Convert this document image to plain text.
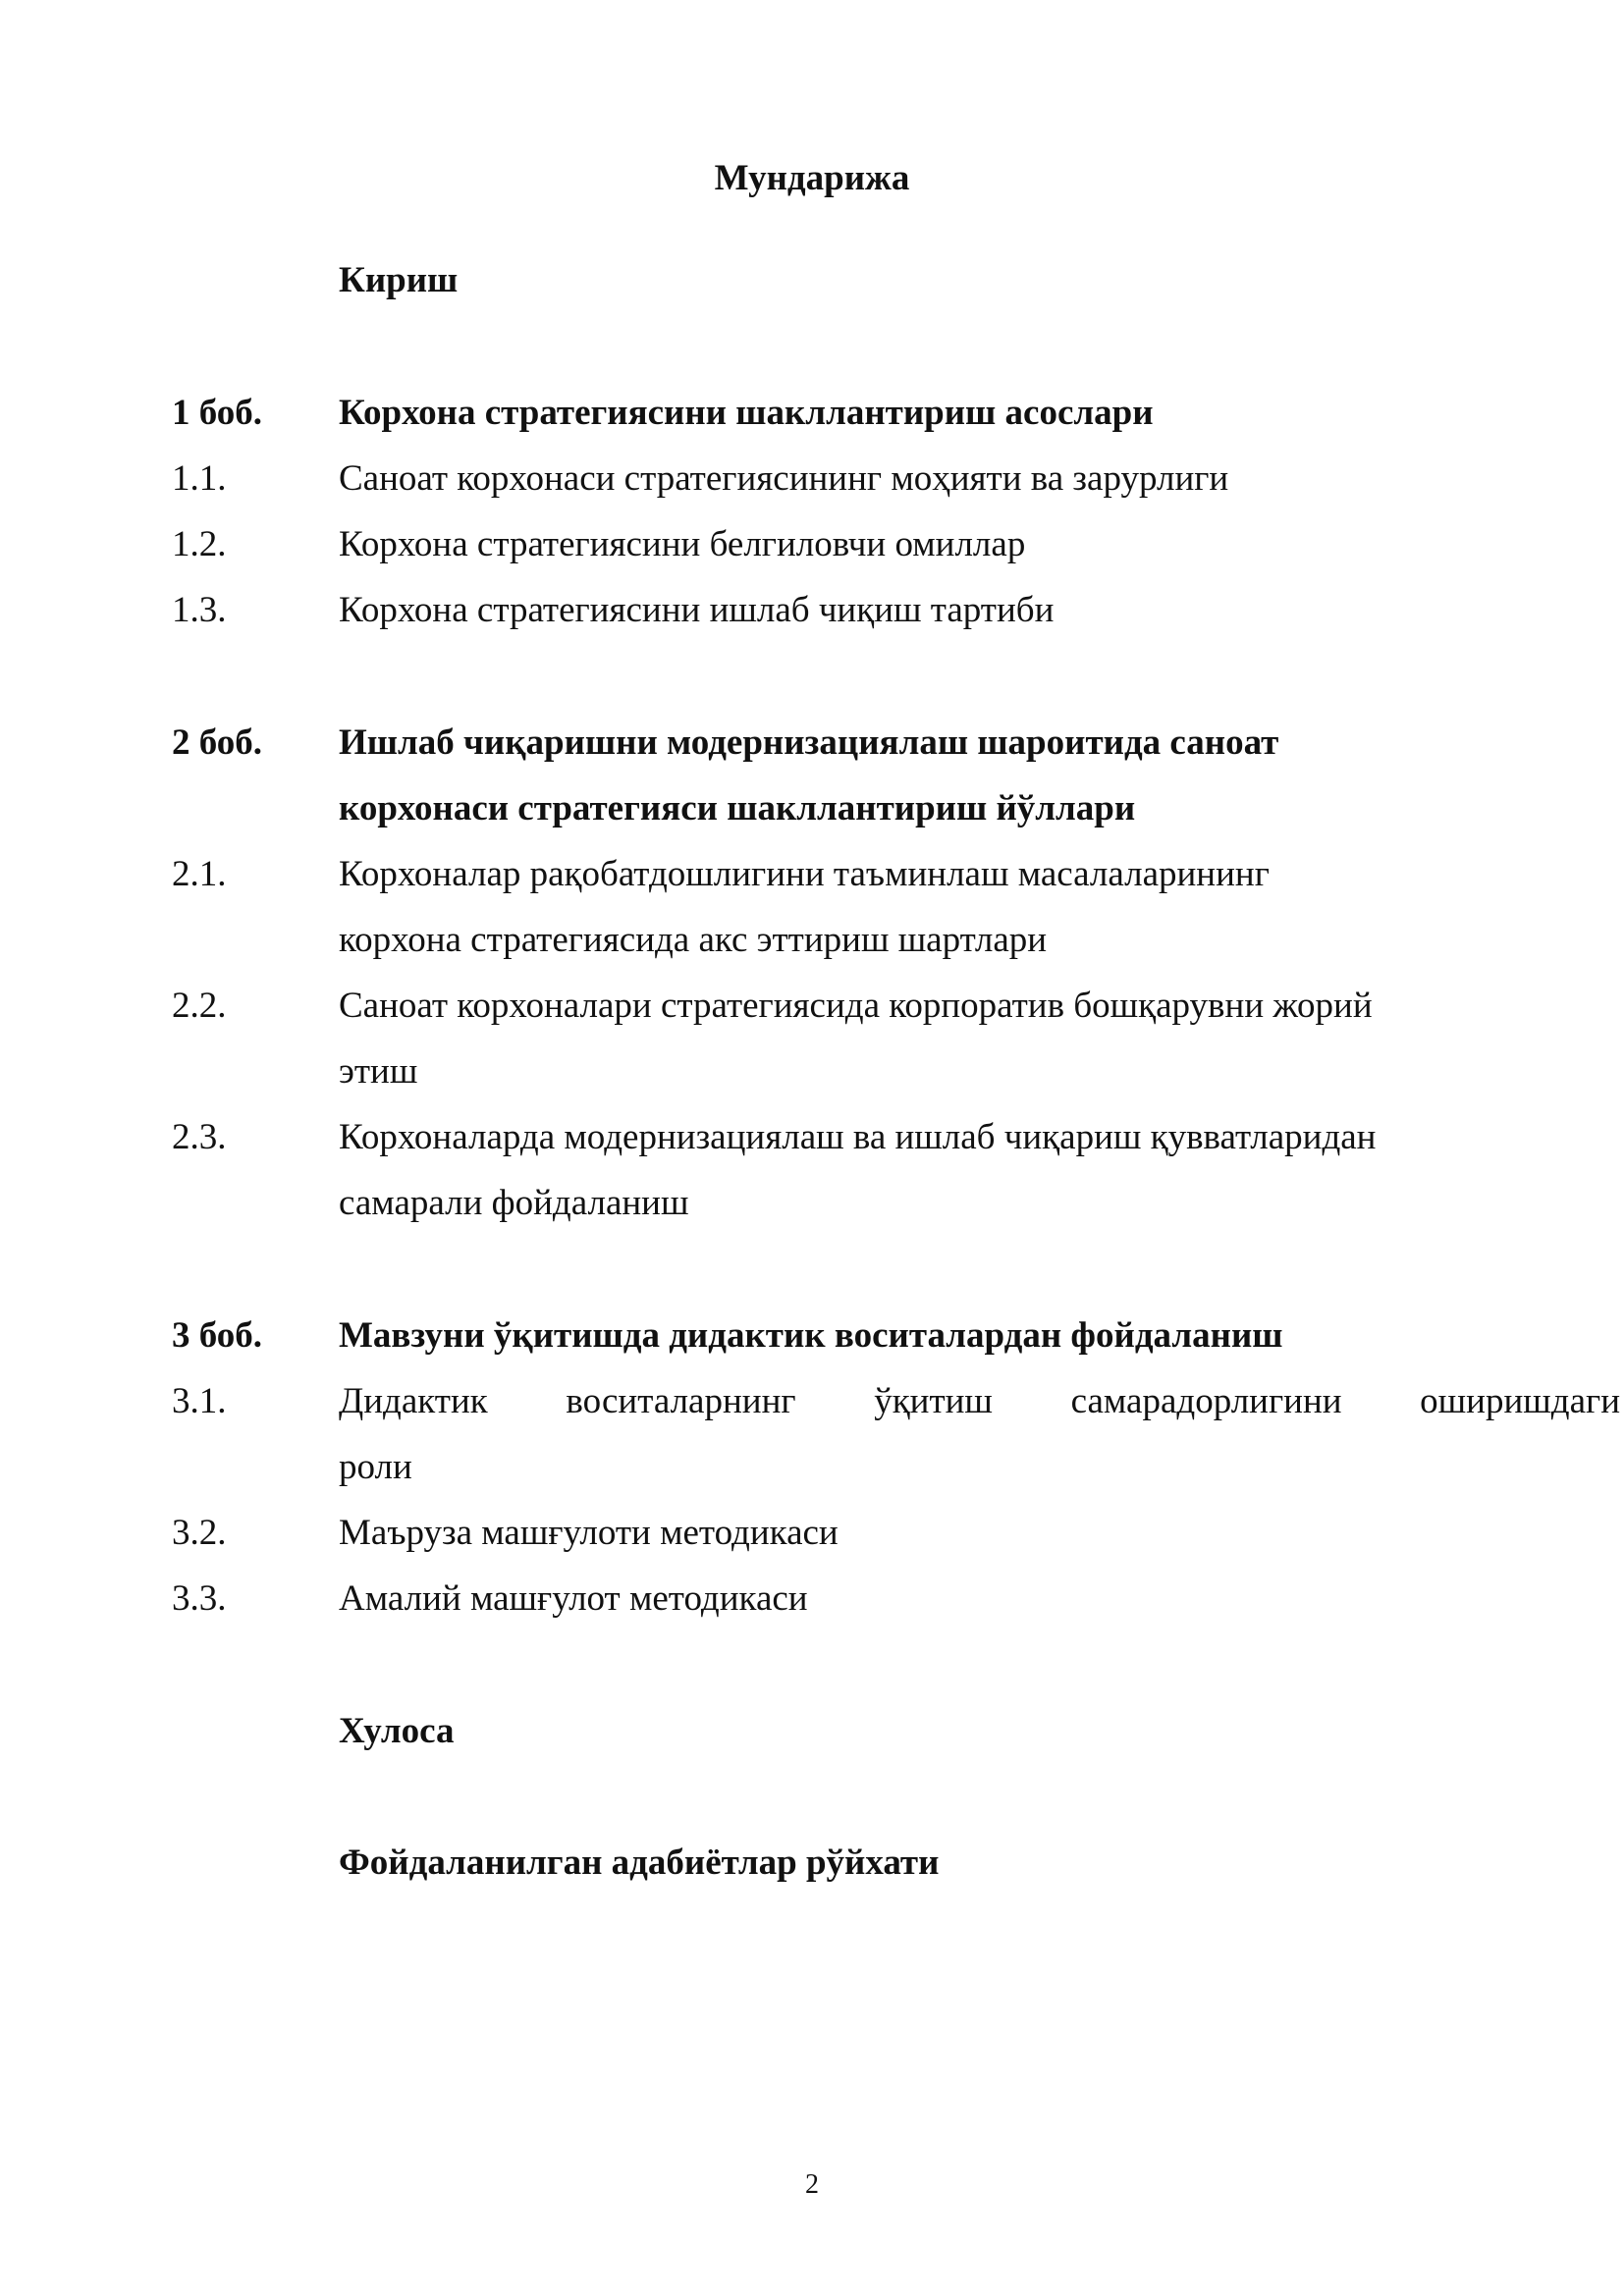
Мундарижа
Кириш
1 боб.	Корхона стратегиясини шакллантириш асослари
1.1.	Саноат корхонаси стратегиясининг моҳияти ва зарурлиги
1.2.	Корхона стратегиясини белгиловчи омиллар
1.3.	Корхона стратегиясини ишлаб чиқиш тартиби
2 боб.	Ишлаб чиқаришни модернизациялаш шароитида саноат
корхонаси стратегияси шакллантириш йўллари
2.1.	Корхоналар рақобатдошлигини таъминлаш масалаларининг
корхона стратегиясида акс эттириш шартлари
2.2.	Саноат корхоналари стратегиясида корпоратив бошқарувни жорий
этиш
2.3.	Корхоналарда модернизациялаш ва ишлаб чиқариш қувватларидан
самарали фойдаланиш
3 боб.	Мавзуни ўқитишда дидактик воситалардан фойдаланиш
3.1.	Дидактик воситаларнинг ўқитиш самарадорлигини оширишдаги
роли
3.2.	Маъруза машғулоти методикаси
3.3.	Амалий машғулот методикаси
Хулоса
Фойдаланилган адабиётлар рўйхати
2
